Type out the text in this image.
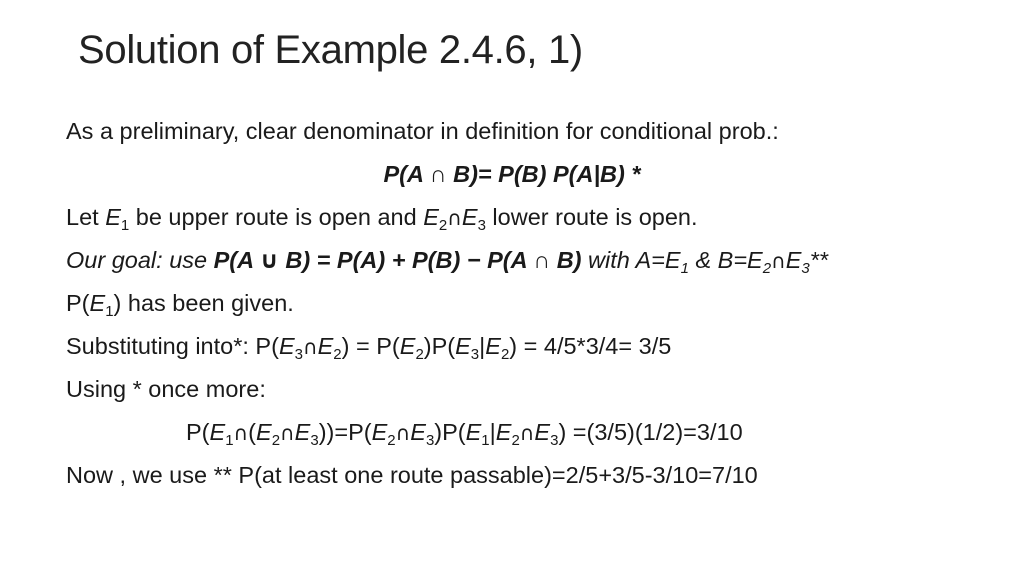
Solution of Example 2.4.6, 1)
As a preliminary, clear denominator in definition for conditional prob.:
P(A ∩ B)= P(B) P(A|B) *
Let $E_1$ be upper route is open and $E_2\cap E_3$ lower route is open.
Our goal: use P(A ∪ B) = P(A) + P(B) − P(A ∩ B) with $A=E_1$ & $B=E_2\cap E_3**$
$P(E_1)$ has been given.
Substituting into*: $P(E_3\cap E_2) = P(E_2)P(E_3|E_2) = 4/5*3/4= 3/5$
Using * once more:
$P(E_1\cap(E_2\cap E_3))=P(E_2\cap E_3)P(E_1|E_2\cap E_3) =(3/5)(1/2)=3/10$
Now , we use ** P(at least one route passable)=2/5+3/5-3/10=7/10
